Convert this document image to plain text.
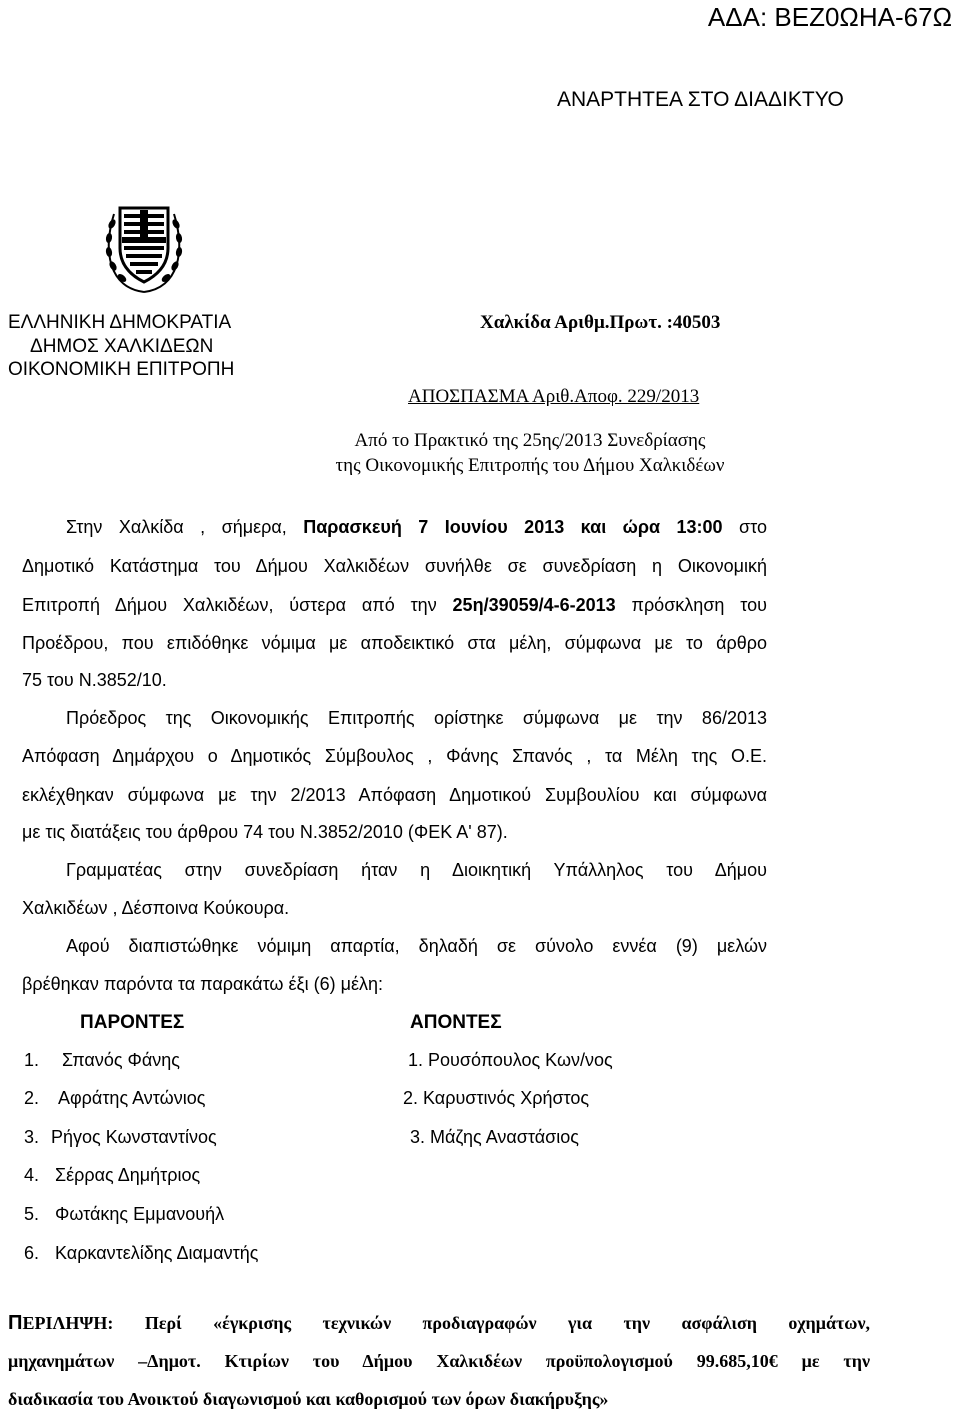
ΑΔΑ: ΒΕΖ0ΩΗΑ-67Ω
ΑΝΑΡΤΗΤΕΑ ΣΤΟ ΔΙΑΔΙΚΤΥΟ
ΕΛΛΗΝΙΚΗ ΔΗΜΟΚΡΑΤΙΑ
ΔΗΜΟΣ ΧΑΛΚΙΔΕΩΝ
ΟΙΚΟΝΟΜΙΚΗ ΕΠΙΤΡΟΠΗ
Χαλκίδα Αριθμ.Πρωτ. :40503
ΑΠΟΣΠΑΣΜΑ Αριθ.Αποφ. 229/2013
Από το Πρακτικό της 25ης/2013 Συνεδρίασης
της Οικονομικής Επιτροπής του Δήμου Χαλκιδέων
Στην Χαλκίδα , σήμερα, Παρασκευή 7 Ιουνίου 2013 και ώρα 13:00 στο
Δημοτικό Κατάστημα του Δήμου Χαλκιδέων συνήλθε σε συνεδρίαση η Οικονομική
Επιτροπή Δήμου Χαλκιδέων, ύστερα από την 25η/39059/4-6-2013 πρόσκληση του
Προέδρου, που επιδόθηκε νόμιμα με αποδεικτικό στα μέλη, σύμφωνα με το άρθρο
75 του Ν.3852/10.
Πρόεδρος της Οικονομικής Επιτροπής ορίστηκε σύμφωνα με την 86/2013
Απόφαση Δημάρχου ο Δημοτικός Σύμβουλος , Φάνης Σπανός , τα Μέλη της Ο.Ε.
εκλέχθηκαν σύμφωνα με την 2/2013 Απόφαση Δημοτικού Συμβουλίου και σύμφωνα
με τις διατάξεις του άρθρου 74 του Ν.3852/2010 (ΦΕΚ Α' 87).
Γραμματέας στην συνεδρίαση ήταν η Διοικητική Υπάλληλος του Δήμου
Χαλκιδέων , Δέσποινα Κούκουρα.
Αφού διαπιστώθηκε νόμιμη απαρτία, δηλαδή σε σύνολο εννέα (9) μελών
βρέθηκαν παρόντα τα παρακάτω έξι (6) μέλη:
ΠΑΡΟΝΤΕΣ	ΑΠΟΝΤΕΣ
1. Σπανός Φάνης
2. Αφράτης Αντώνιος
3. Ρήγος Κωνσταντίνος
4. Σέρρας Δημήτριος
5. Φωτάκης Εμμανουήλ
6. Καρκαντελίδης Διαμαντής
1. Ρουσόπουλος Κων/νος
2. Καρυστινός Χρήστος
3. Μάζης Αναστάσιος
ΠΕΡΙΛΗΨΗ: Περί «έγκρισης τεχνικών προδιαγραφών για την ασφάλιση οχημάτων,
μηχανημάτων –Δημοτ. Κτιρίων του Δήμου Χαλκιδέων προϋπολογισμού 99.685,10€ με την
διαδικασία του Ανοικτού διαγωνισμού και καθορισμού των όρων διακήρυξης»
